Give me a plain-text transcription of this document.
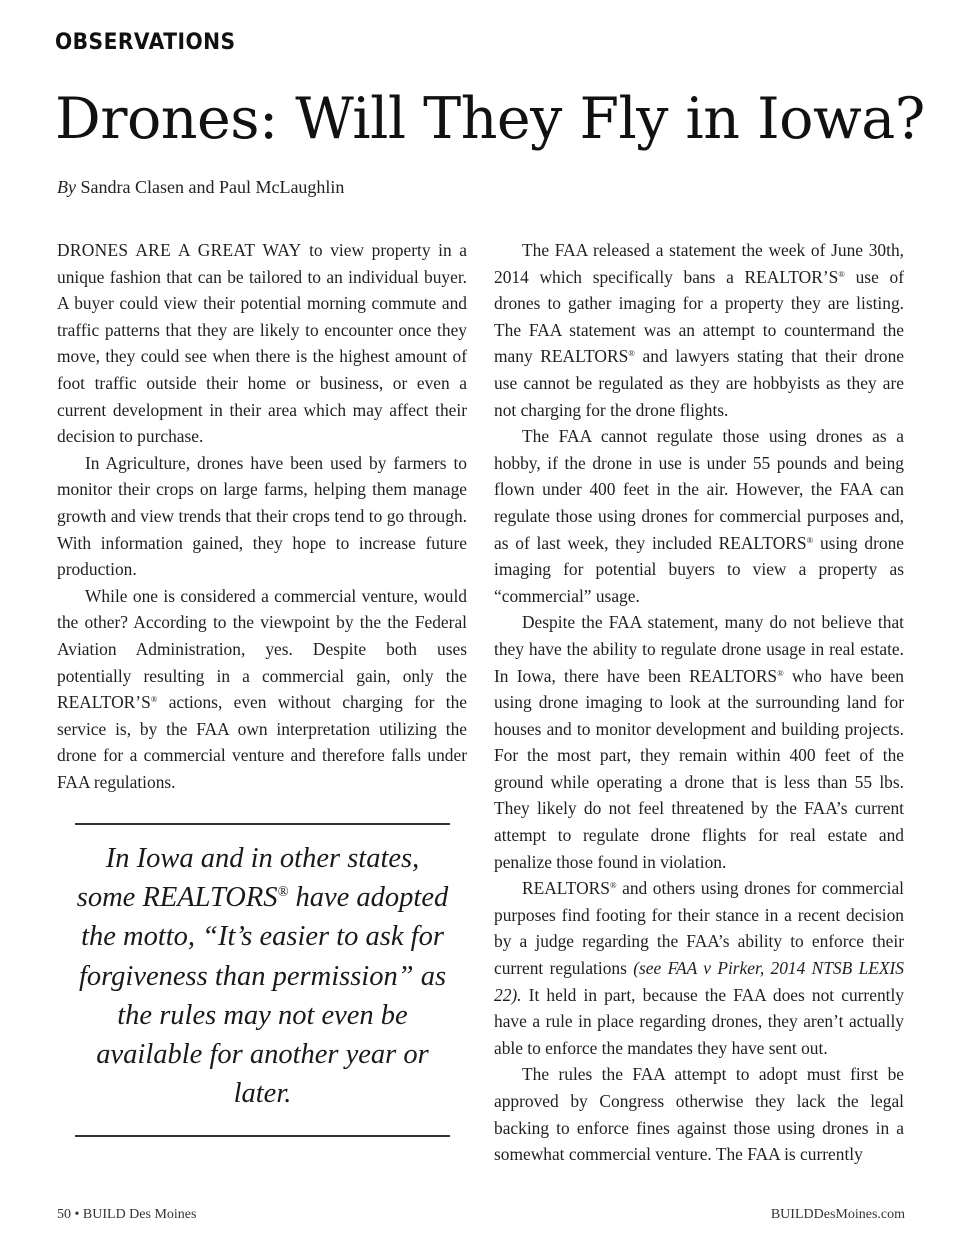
OBSERVATIONS
Drones: Will They Fly in Iowa?
By Sandra Clasen and Paul McLaughlin

DRONES ARE A GREAT WAY to view property in a unique fashion that can be tailored to an individual buyer. A buyer could view their potential morning commute and traffic patterns that they are likely to encounter once they move, they could see when there is the highest amount of foot traffic outside their home or business, or even a current development in their area which may affect their decision to purchase.

In Agriculture, drones have been used by farmers to monitor their crops on large farms, helping them manage growth and view trends that their crops tend to go through. With information gained, they hope to increase future production.

While one is considered a commercial venture, would the other? According to the viewpoint by the the Federal Aviation Administration, yes. Despite both uses potentially resulting in a commercial gain, only the REALTOR’S® actions, even without charging for the service is, by the FAA own interpretation utilizing the drone for a commercial venture and therefore falls under FAA regulations.

In Iowa and in other states, some REALTORS® have adopted the motto, “It’s easier to ask for forgiveness than permission” as the rules may not even be available for another year or later.

The FAA released a statement the week of June 30th, 2014 which specifically bans a REALTOR’S® use of drones to gather imaging for a property they are listing. The FAA statement was an attempt to countermand the many REALTORS® and lawyers stating that their drone use cannot be regulated as they are hobbyists as they are not charging for the drone flights.

The FAA cannot regulate those using drones as a hobby, if the drone in use is under 55 pounds and being flown under 400 feet in the air. However, the FAA can regulate those using drones for commercial purposes and, as of last week, they included REALTORS® using drone imaging for potential buyers to view a property as “commercial” usage.

Despite the FAA statement, many do not believe that they have the ability to regulate drone usage in real estate. In Iowa, there have been REALTORS® who have been using drone imaging to look at the surrounding land for houses and to monitor development and building projects. For the most part, they remain within 400 feet of the ground while operating a drone that is less than 55 lbs. They likely do not feel threatened by the FAA’s current attempt to regulate drone flights for real estate and penalize those found in violation.

REALTORS® and others using drones for commercial purposes find footing for their stance in a recent decision by a judge regarding the FAA’s ability to enforce their current regulations (see FAA v Pirker, 2014 NTSB LEXIS 22). It held in part, because the FAA does not currently have a rule in place regarding drones, they aren’t actually able to enforce the mandates they have sent out.

The rules the FAA attempt to adopt must first be approved by Congress otherwise they lack the legal backing to enforce fines against those using drones in a somewhat commercial venture. The FAA is currently

50 • BUILD Des Moines	BUILDDesMoines.com
